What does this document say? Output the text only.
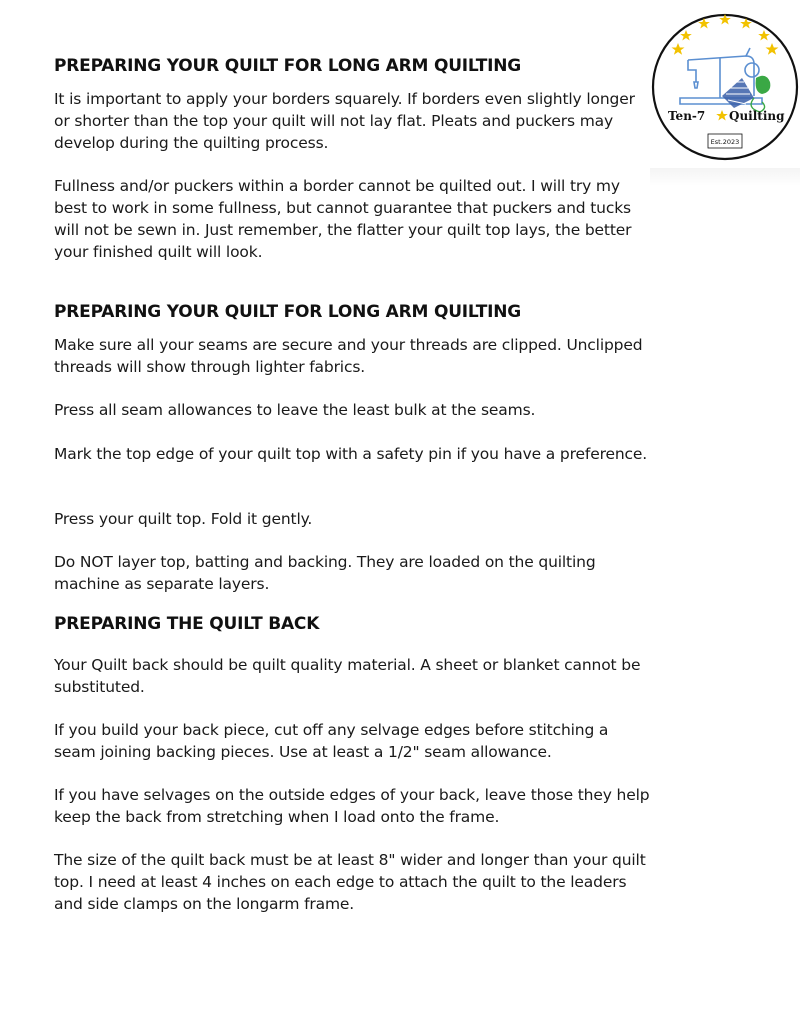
Ten-7 Quilting
Est.2023
PREPARING YOUR QUILT FOR LONG ARM QUILTING

It is important to apply your borders squarely. If borders even slightly longer or shorter than the top your quilt will not lay flat. Pleats and puckers may develop during the quilting process.

Fullness and/or puckers within a border cannot be quilted out. I will try my best to work in some fullness, but cannot guarantee that puckers and tucks will not be sewn in. Just remember, the flatter your quilt top lays, the better your finished quilt will look.

PREPARING YOUR QUILT FOR LONG ARM QUILTING

Make sure all your seams are secure and your threads are clipped. Unclipped threads will show through lighter fabrics.

Press all seam allowances to leave the least bulk at the seams.

Mark the top edge of your quilt top with a safety pin if you have a preference.

Press your quilt top. Fold it gently.

Do NOT layer top, batting and backing. They are loaded on the quilting machine as separate layers.

PREPARING THE QUILT BACK

Your Quilt back should be quilt quality material. A sheet or blanket cannot be substituted.

If you build your back piece, cut off any selvage edges before stitching a seam joining backing pieces. Use at least a 1/2" seam allowance.

If you have selvages on the outside edges of your back, leave those they help keep the back from stretching when I load onto the frame.

The size of the quilt back must be at least 8" wider and longer than your quilt top. I need at least 4 inches on each edge to attach the quilt to the leaders and side clamps on the longarm frame.
